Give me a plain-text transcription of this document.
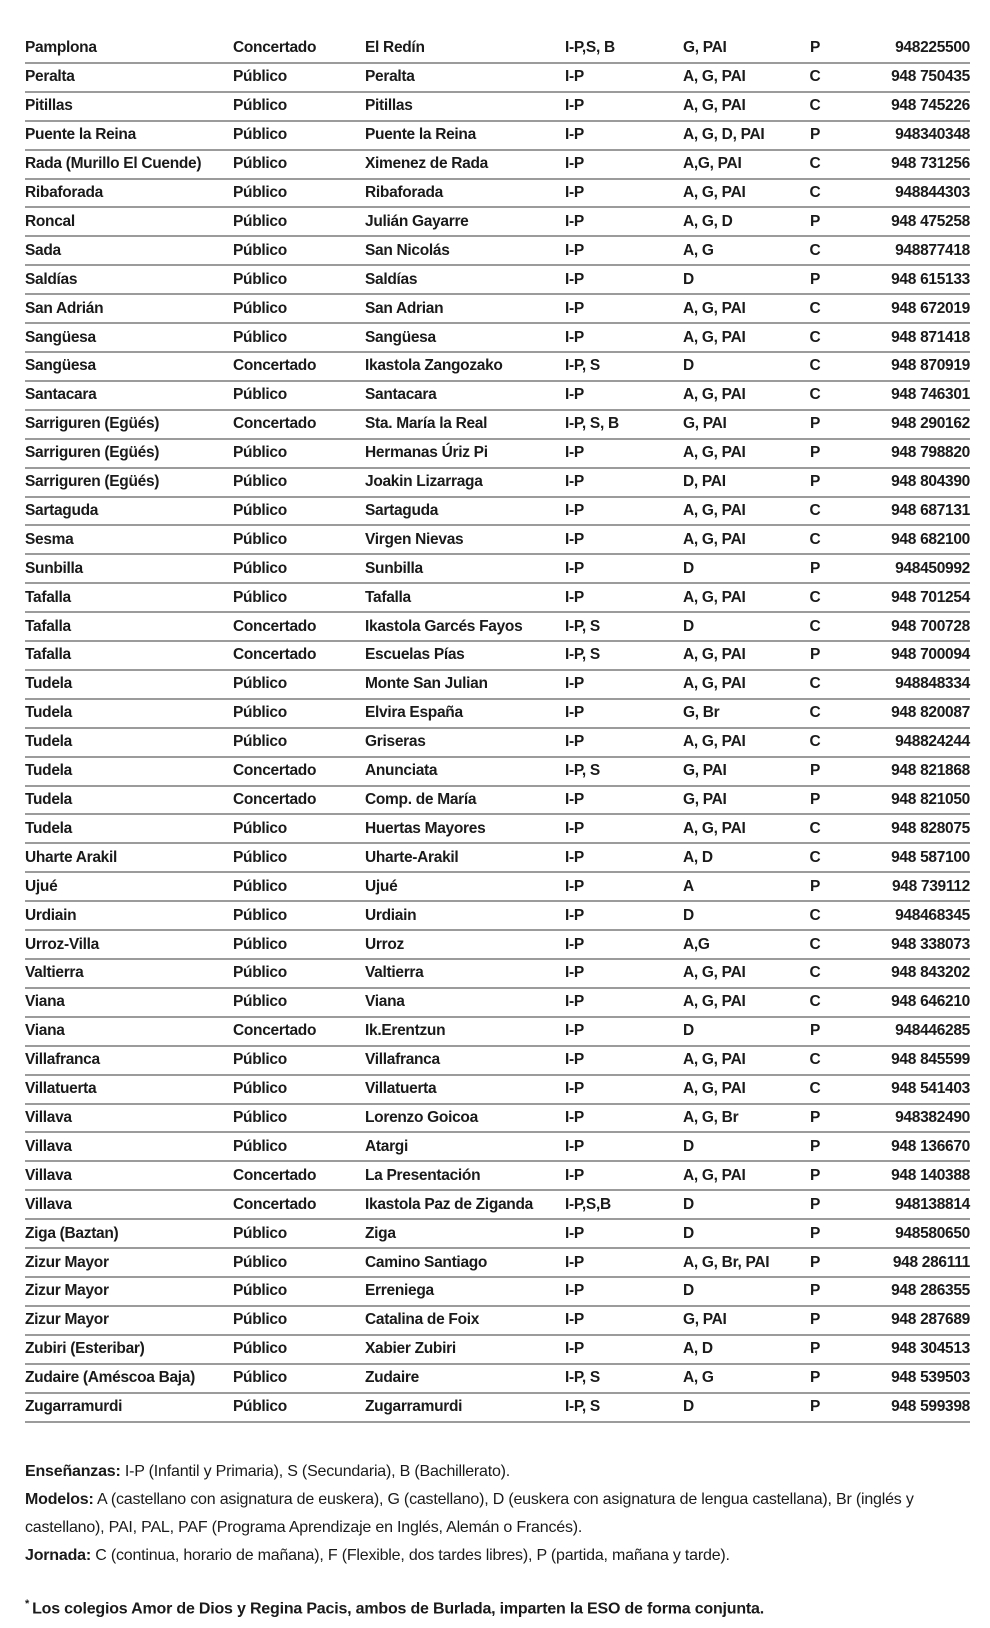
Pamplona	Concertado	El Redín	I-P,S, B	G, PAI	P	948225500
Peralta	Público	Peralta	I-P	A, G, PAI	C	948 750435
Pitillas	Público	Pitillas	I-P	A, G, PAI	C	948 745226
Puente la Reina	Público	Puente la Reina	I-P	A, G, D, PAI	P	948340348
Rada (Murillo El Cuende)	Público	Ximenez de Rada	I-P	A,G, PAI	C	948 731256
Ribaforada	Público	Ribaforada	I-P	A, G, PAI	C	948844303
Roncal	Público	Julián Gayarre	I-P	A, G, D	P	948 475258
Sada	Público	San Nicolás	I-P	A, G	C	948877418
Saldías	Público	Saldías	I-P	D	P	948 615133
San Adrián	Público	San Adrian	I-P	A, G, PAI	C	948 672019
Sangüesa	Público	Sangüesa	I-P	A, G, PAI	C	948 871418
Sangüesa	Concertado	Ikastola Zangozako	I-P, S	D	C	948 870919
Santacara	Público	Santacara	I-P	A, G, PAI	C	948 746301
Sarriguren (Egüés)	Concertado	Sta. María la Real	I-P, S, B	G, PAI	P	948 290162
Sarriguren (Egüés)	Público	Hermanas Úriz Pi	I-P	A, G, PAI	P	948 798820
Sarriguren (Egüés)	Público	Joakin Lizarraga	I-P	D, PAI	P	948 804390
Sartaguda	Público	Sartaguda	I-P	A, G, PAI	C	948 687131
Sesma	Público	Virgen Nievas	I-P	A, G, PAI	C	948 682100
Sunbilla	Público	Sunbilla	I-P	D	P	948450992
Tafalla	Público	Tafalla	I-P	A, G, PAI	C	948 701254
Tafalla	Concertado	Ikastola Garcés Fayos	I-P, S	D	C	948 700728
Tafalla	Concertado	Escuelas Pías	I-P, S	A, G, PAI	P	948 700094
Tudela	Público	Monte San Julian	I-P	A, G, PAI	C	948848334
Tudela	Público	Elvira España	I-P	G, Br	C	948 820087
Tudela	Público	Griseras	I-P	A, G, PAI	C	948824244
Tudela	Concertado	Anunciata	I-P, S	G, PAI	P	948 821868
Tudela	Concertado	Comp. de María	I-P	G, PAI	P	948 821050
Tudela	Público	Huertas Mayores	I-P	A, G, PAI	C	948 828075
Uharte Arakil	Público	Uharte-Arakil	I-P	A, D	C	948 587100
Ujué	Público	Ujué	I-P	A	P	948 739112
Urdiain	Público	Urdiain	I-P	D	C	948468345
Urroz-Villa	Público	Urroz	I-P	A,G	C	948 338073
Valtierra	Público	Valtierra	I-P	A, G, PAI	C	948 843202
Viana	Público	Viana	I-P	A, G, PAI	C	948 646210
Viana	Concertado	Ik.Erentzun	I-P	D	P	948446285
Villafranca	Público	Villafranca	I-P	A, G, PAI	C	948 845599
Villatuerta	Público	Villatuerta	I-P	A, G, PAI	C	948 541403
Villava	Público	Lorenzo Goicoa	I-P	A, G, Br	P	948382490
Villava	Público	Atargi	I-P	D	P	948 136670
Villava	Concertado	La Presentación	I-P	A, G, PAI	P	948 140388
Villava	Concertado	Ikastola Paz de Ziganda	I-P,S,B	D	P	948138814
Ziga (Baztan)	Público	Ziga	I-P	D	P	948580650
Zizur Mayor	Público	Camino Santiago	I-P	A, G, Br, PAI	P	948 286111
Zizur Mayor	Público	Erreniega	I-P	D	P	948 286355
Zizur Mayor	Público	Catalina de Foix	I-P	G, PAI	P	948 287689
Zubiri (Esteribar)	Público	Xabier Zubiri	I-P	A, D	P	948 304513
Zudaire (Améscoa Baja)	Público	Zudaire	I-P, S	A, G	P	948 539503
Zugarramurdi	Público	Zugarramurdi	I-P, S	D	P	948 599398

Enseñanzas: I-P (Infantil y Primaria), S (Secundaria), B (Bachillerato).

Modelos: A (castellano con asignatura de euskera), G (castellano), D (euskera con asignatura de lengua castellana), Br (inglés y castellano), PAI, PAL, PAF (Programa Aprendizaje en Inglés, Alemán o Francés).

Jornada: C (continua, horario de mañana), F (Flexible, dos tardes libres), P (partida, mañana y tarde).

* Los colegios Amor de Dios y Regina Pacis, ambos de Burlada, imparten la ESO de forma conjunta.
